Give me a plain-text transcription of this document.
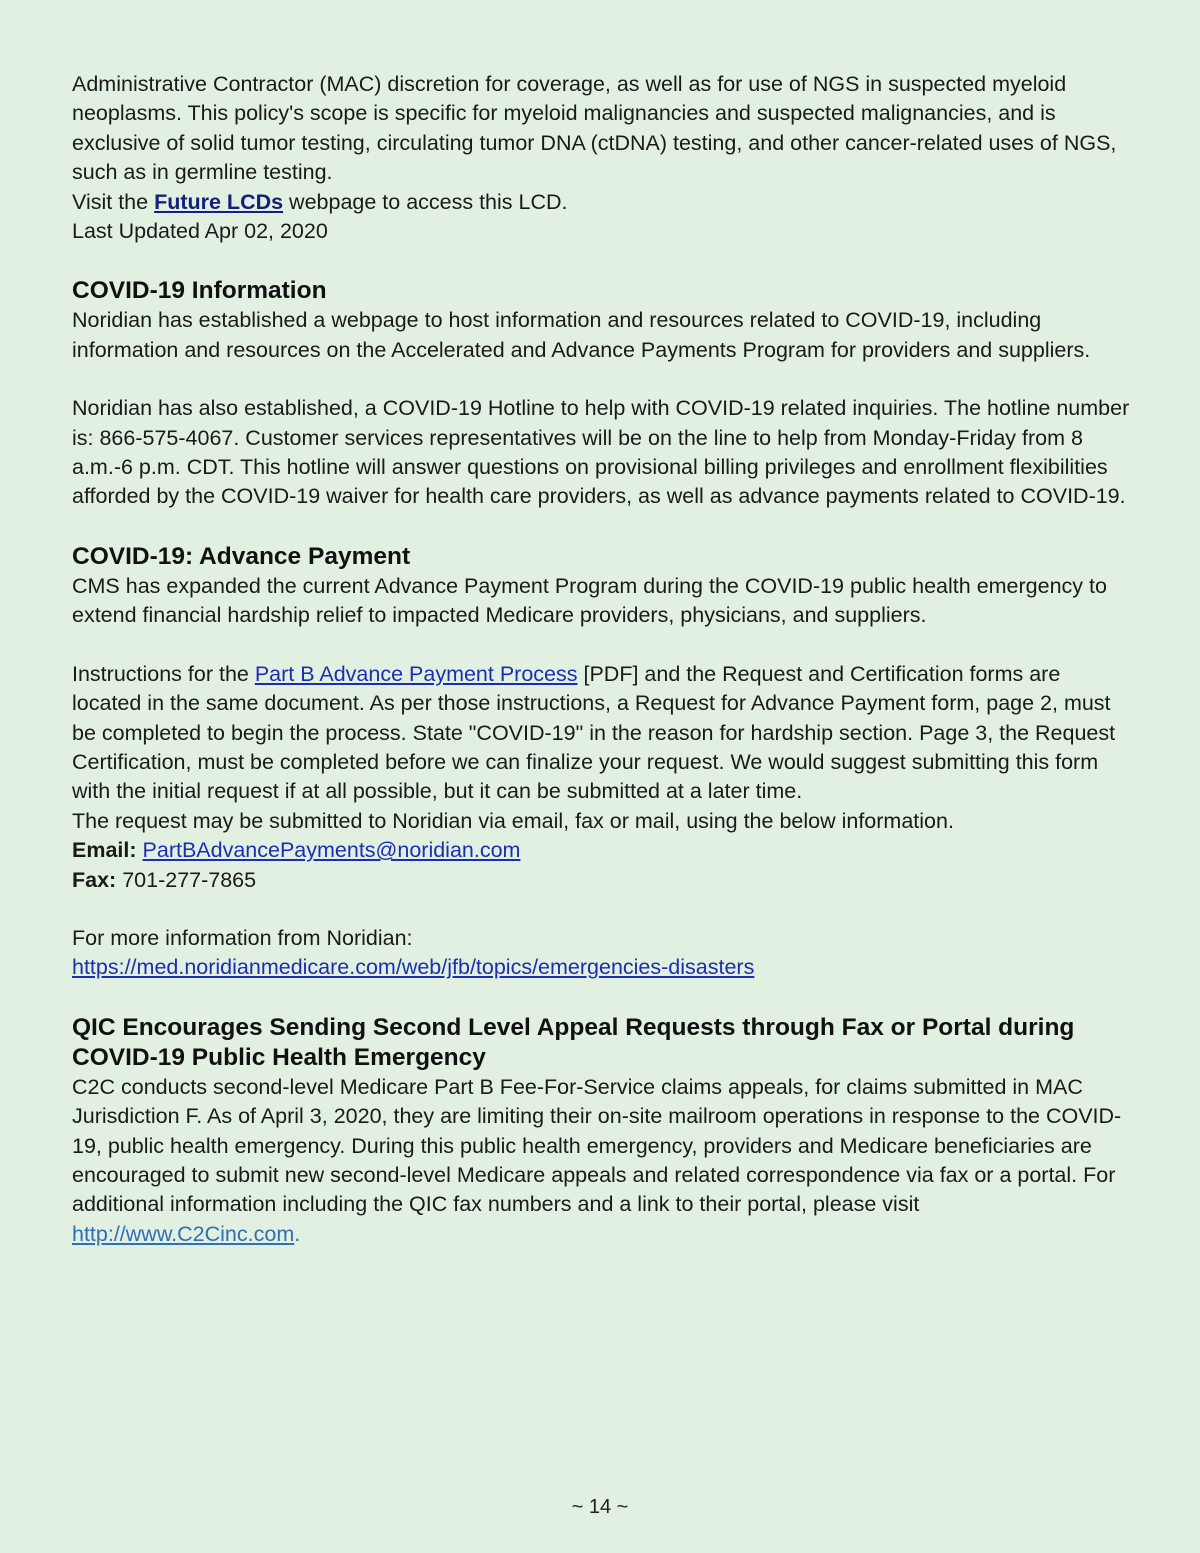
Administrative Contractor (MAC) discretion for coverage, as well as for use of NGS in suspected myeloid neoplasms. This policy's scope is specific for myeloid malignancies and suspected malignancies, and is exclusive of solid tumor testing, circulating tumor DNA (ctDNA) testing, and other cancer-related uses of NGS, such as in germline testing.

Visit the Future LCDs webpage to access this LCD.

Last Updated Apr 02, 2020

COVID-19 Information

Noridian has established a webpage to host information and resources related to COVID-19, including information and resources on the Accelerated and Advance Payments Program for providers and suppliers.

Noridian has also established, a COVID-19 Hotline to help with COVID-19 related inquiries. The hotline number is: 866-575-4067. Customer services representatives will be on the line to help from Monday-Friday from 8 a.m.-6 p.m. CDT. This hotline will answer questions on provisional billing privileges and enrollment flexibilities afforded by the COVID-19 waiver for health care providers, as well as advance payments related to COVID-19.

COVID-19: Advance Payment

CMS has expanded the current Advance Payment Program during the COVID-19 public health emergency to extend financial hardship relief to impacted Medicare providers, physicians, and suppliers.

Instructions for the Part B Advance Payment Process [PDF] and the Request and Certification forms are located in the same document. As per those instructions, a Request for Advance Payment form, page 2, must be completed to begin the process. State "COVID-19" in the reason for hardship section. Page 3, the Request Certification, must be completed before we can finalize your request. We would suggest submitting this form with the initial request if at all possible, but it can be submitted at a later time.

The request may be submitted to Noridian via email, fax or mail, using the below information.

Email: PartBAdvancePayments@noridian.com

Fax: 701-277-7865

For more information from Noridian:

https://med.noridianmedicare.com/web/jfb/topics/emergencies-disasters

QIC Encourages Sending Second Level Appeal Requests through Fax or Portal during COVID-19 Public Health Emergency

C2C conducts second-level Medicare Part B Fee-For-Service claims appeals, for claims submitted in MAC Jurisdiction F. As of April 3, 2020, they are limiting their on-site mailroom operations in response to the COVID-19, public health emergency. During this public health emergency, providers and Medicare beneficiaries are encouraged to submit new second-level Medicare appeals and related correspondence via fax or a portal. For additional information including the QIC fax numbers and a link to their portal, please visit http://www.C2Cinc.com.

~ 14 ~
